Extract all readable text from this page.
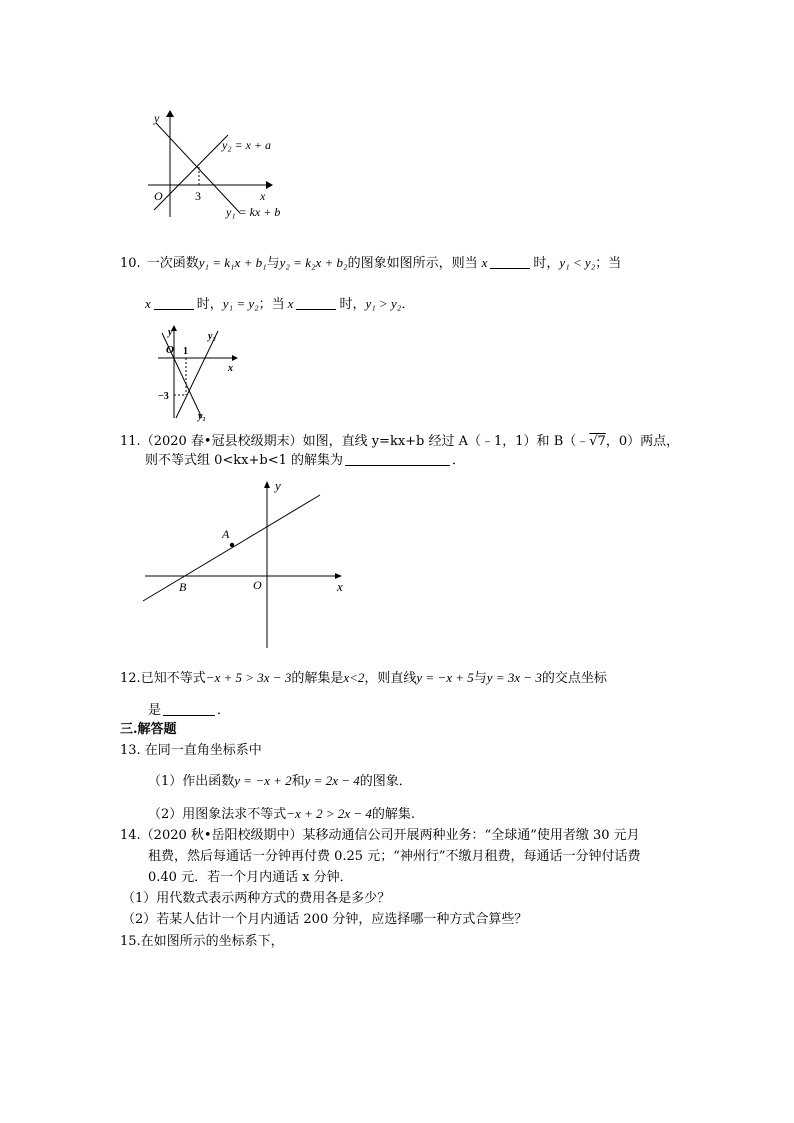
y
O	3	x
y₂ = x + a
y₁ = kx + b
10. 一次函数y₁ = k₁x + b₁与y₂ = k₂x + b₂的图象如图所示，则当 x	时，y₁ < y₂；当
x	时，y₁ = y₂；当 x	时，y₁ > y₂．
y
O 1
x
y₂
−3
y₁
11.（2020 春•冠县校级期末）如图，直线 y=kx+b 经过 A（﹣1，1）和 B（﹣√7，0）两点，
则不等式组 0<kx+b<1 的解集为	．
y
A
B	O	x
12.已知不等式−x + 5 > 3x − 3的解集是x<2，则直线y = −x + 5与y = 3x − 3的交点坐标
是	．
三.解答题
13. 在同一直角坐标系中
（1）作出函数y = −x + 2和y = 2x − 4的图象．
（2）用图象法求不等式−x + 2 > 2x − 4的解集.
14.（2020 秋•岳阳校级期中）某移动通信公司开展两种业务：“全球通”使用者缴 30 元月
租费，然后每通话一分钟再付费 0.25 元；“神州行”不缴月租费，每通话一分钟付话费
0.40 元．若一个月内通话 x 分钟．
（1）用代数式表示两种方式的费用各是多少？
（2）若某人估计一个月内通话 200 分钟，应选择哪一种方式合算些？
15.在如图所示的坐标系下，
